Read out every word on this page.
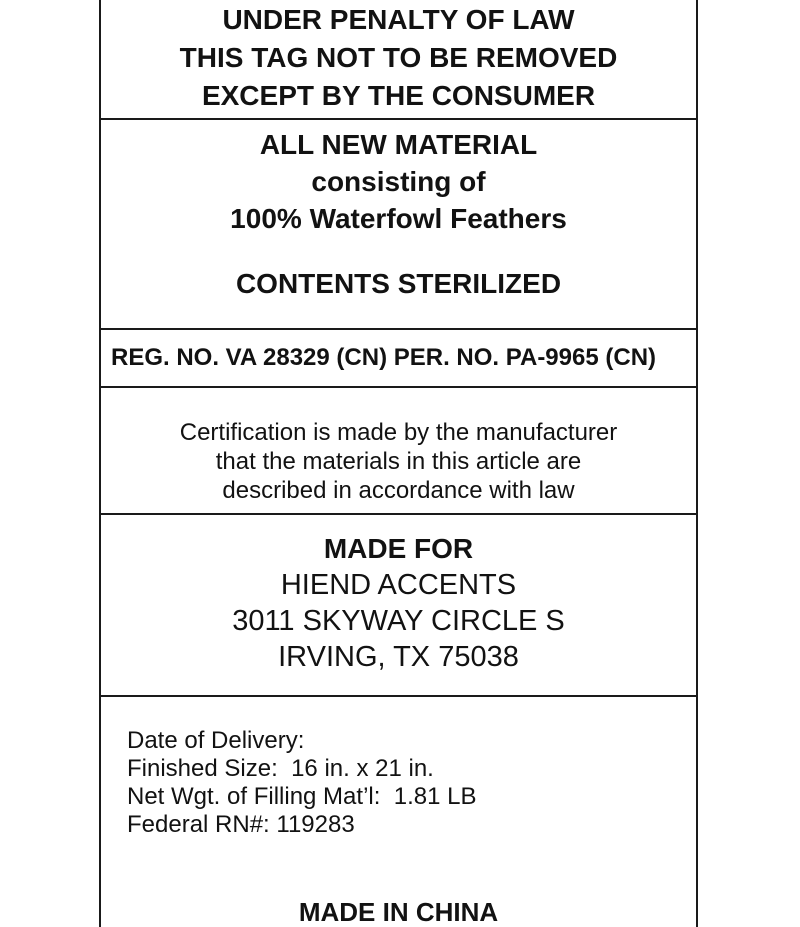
UNDER PENALTY OF LAW

THIS TAG NOT TO BE REMOVED

EXCEPT BY THE CONSUMER

ALL NEW MATERIAL

consisting of

100% Waterfowl Feathers

CONTENTS STERILIZED

REG. NO. VA 28329 (CN) PER. NO. PA-9965 (CN)

Certification is made by the manufacturer

that the materials in this article are

described in accordance with law

MADE FOR

HIEND ACCENTS

3011 SKYWAY CIRCLE S

IRVING, TX 75038

Date of Delivery:

Finished Size:  16 in. x 21 in.

Net Wgt. of Filling Mat’l:  1.81 LB

Federal RN#: 119283

MADE IN CHINA
